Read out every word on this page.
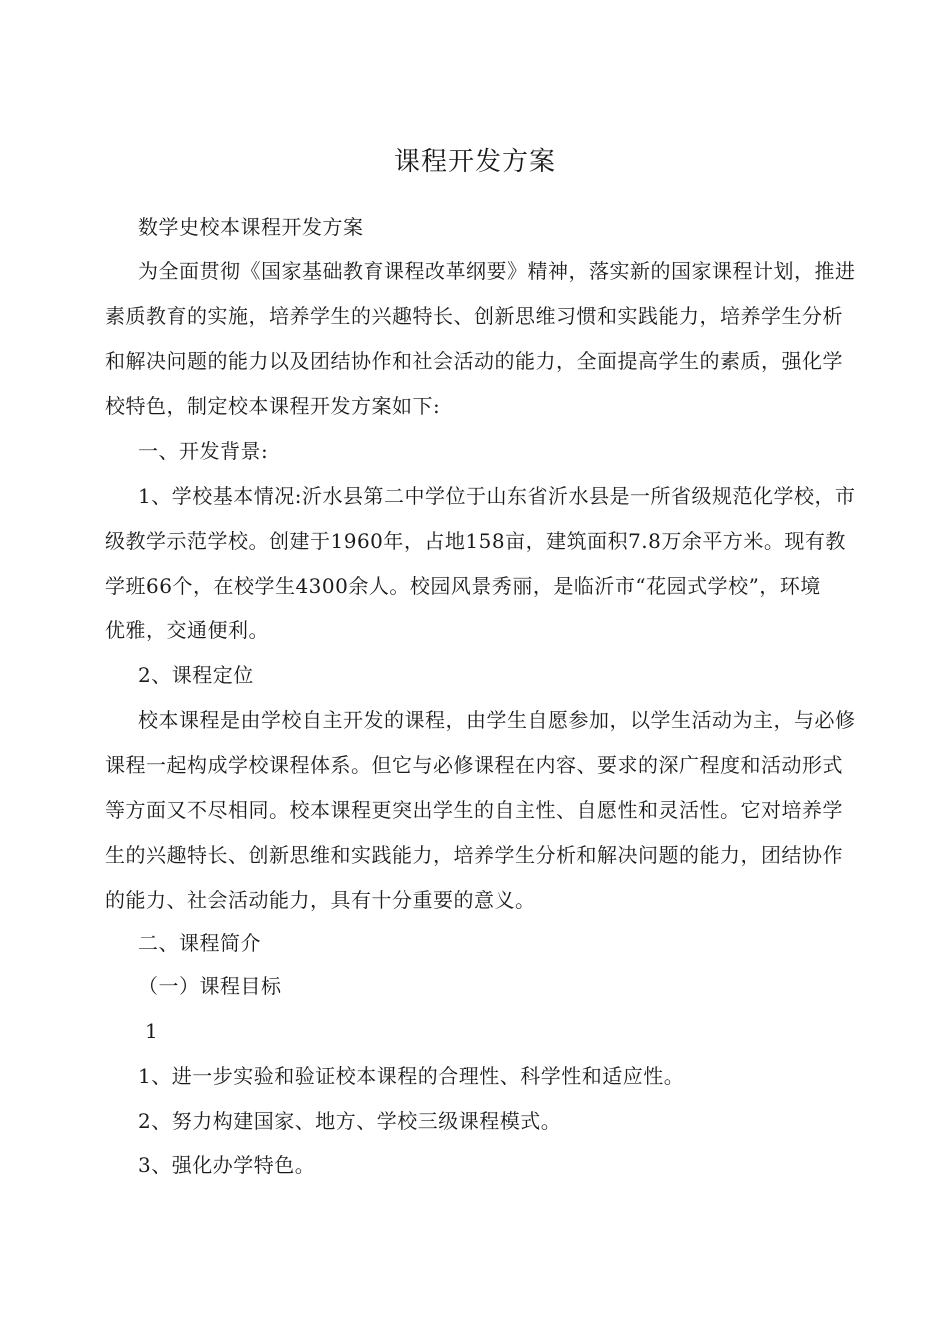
课程开发方案
数学史校本课程开发方案
为全面贯彻《国家基础教育课程改革纲要》精神，落实新的国家课程计划，推进
素质教育的实施，培养学生的兴趣特长、创新思维习惯和实践能力，培养学生分析
和解决问题的能力以及团结协作和社会活动的能力，全面提高学生的素质，强化学
校特色，制定校本课程开发方案如下:
一、开发背景:
1、学校基本情况:沂水县第二中学位于山东省沂水县是一所省级规范化学校，市
级教学示范学校。创建于1960年，占地158亩，建筑面积7.8万余平方米。现有教
学班66个，在校学生4300余人。校园风景秀丽，是临沂市“花园式学校”，环境
优雅，交通便利。
2、课程定位
校本课程是由学校自主开发的课程，由学生自愿参加，以学生活动为主，与必修
课程一起构成学校课程体系。但它与必修课程在内容、要求的深广程度和活动形式
等方面又不尽相同。校本课程更突出学生的自主性、自愿性和灵活性。它对培养学
生的兴趣特长、创新思维和实践能力，培养学生分析和解决问题的能力，团结协作
的能力、社会活动能力，具有十分重要的意义。
二、课程简介
（一）课程目标
1
1、进一步实验和验证校本课程的合理性、科学性和适应性。
2、努力构建国家、地方、学校三级课程模式。
3、强化办学特色。
